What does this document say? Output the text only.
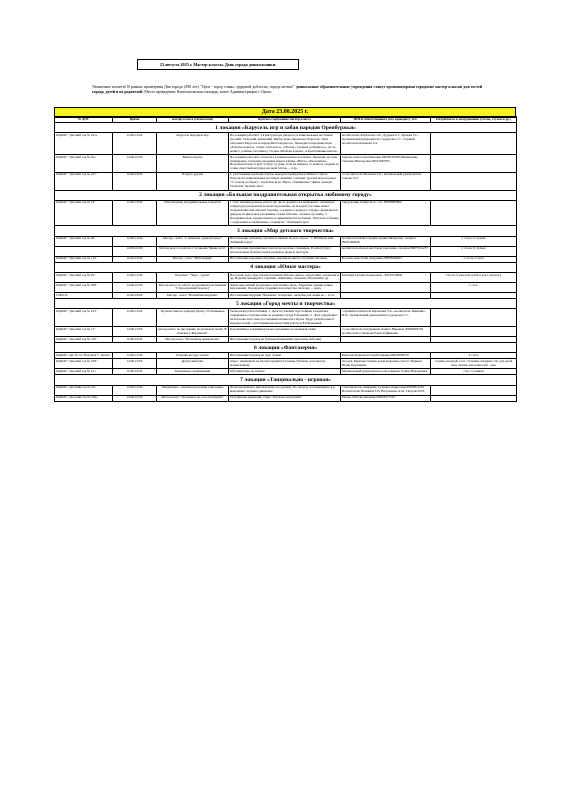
23 августа 2025 г. Мастер-классы. День города дошкольники.
Уважаемые коллеги! В рамках проведения Дня города (290 лет) "Орск - город славы, трудовой доблести, города мечты!" дошкольные образовательные учреждения станут организаторами городских мастер-классов для гостей города, детей и их родителей. Место проведения: Комсомольская площадь, возле Администрации г. Орска.
Дата 23.08.2025 г.
№ ДОУ	Время	мастер-класса (технология)	Краткое содержание мастер-класса	Ф.И.О ответственного (кто проводит), тел.	Потребность в оборудовании (столы, стулья и др.)
1 локация «Карусель игр и забав народов Оренбуржья»					
МДОАУ "Детский сад № 221»	12:00-14:00	Карусель народных игр	На локации работают 3-4 инструктора (педагога в национальных костюмах: русский, татарский, казахский). Выбор игры определяет Карусель. Дети запускают Карусель и определяют народность. Проводятся народные игры «Золотые ворота», «Гори, гори ясно!», «Платок с узелком («Орамал»)», «Есть кошк?» («Тимак тастамак»), Уголки «Шайтан алдым», «Перетягивание каната»	воспитатели: Кабдалова С.К., Дурдева Е.Г., Ершова Т.С., музыкальный руководитель Суддерова С.С., старший воспитатель Баранова Т.А.	
МДОАУ "Детский сад № 62»	14:00-16:00	Вышла игрить	На локации работают 3 педагога в национальных костюмах. Проводят русские, башкирские, татарские народные игры в забавы «Юрта», «Белолымак» Игрушки встанут в круг и будут за руки, если их меньше, то ровно и сходили за точны сверстной игрушке носовой платок ... и др.	Ершова Анастасия Павловна 89058136768 Нижниченко Светлана Викторовна 89501083795	
МДОАУ "Детский сад № 167"	16:00-18:00	В кругу друзей	С участниками проводятся игры народов Оренбуржья и Южного Урала. Педагоги в национальных костюмах знакомят с играми: русская игра-хоровод "У ча волк по берегу", казахская игра "Юрта", башкирская "Дикие лошади", татарская "Хромая лиса"	ст. воспитатель Васькова Е.Е., музыкальный руководитель Санова Л.Л.	
2 локация «Большая поздравительная открытка любимому городу»					
МДОАУ "Детский сад № 19"	12:00-18:00	Изготовление поздравительной открытки	1 этап: индивидуальная работа (по листе формата А4 выбранного объемным серцем (при раскрытии получается ромашка, на которой участник может поздравление или обводит ладошку, создавая в сердце) 2. Сердце оформляются декором из цветочков (снежинки, гальки бабочки, страниц, пуговиц). 3. Поздравительно-прорисованное и приклеивается на баннер. Получается баннер с сердечками и смайликами, с надписью "Любимый Орск"	заведующий Ганина В.А.; тел. 89058983864	
3 локация «Мир детского творчества»					
МДОАУ "Детский сад № 46"	12:00-14:00	Мастер - класс "С юбилеем, родной город!"	Изготовление магнитов, брелков и значков из дело отреза " С Юбилеем мой любимый город"	воспитатель Байгалчурина Дания Низаровна, телефон 89225499049	2 стола, 6 стульев
	14:00-16:00	Мастер класс по работе с бусинами "Яркие лето"	Изготовление праздничных браслетов, колечек, сувениров. В работе будут использованы бусины разных размеров, форм и текстуры.	воспитатель Белоусова Елена Сергеевна. телефон 89877014257	2 стола, 8 стульев
МДОАУ "Детский сад № 115"	16:00-18:00	Мастер - класс "Нитеграфия"	Изготовление народных игрушек, изделия из ниток, обучения плетение	Козлова Анастасия Андреевна 89083638823	2 стола 2 стула
4 локация «Юные мастера»					
МДОАУ "Детский сад № 92"	12:00-14:00	Поделки с "Чудо - чудом"	На основе чудо-чуда для изготовления бабочек, цветы, самолетики, человечки и др. Изделия декорируют стразами, пайетками, глазками, бабочками и др.	Бехтиева Татьяна Алексеевна - 89225540096	Стол и стулья для детей и для 1 педагога
МДОАУ "Детский сад № 208"	14:00-16:00	Мастер-класс по работе воздушным пластилином "Старооренский хоровод"	Лепка персонажей воздушного пластилина. Цель: Закрепить умения лепить персонажей. Поддержать традиции волонтерства свободно ... дома.		1 стол.
СОШ 52	16:00-18:00	Мастер - класс "Волшебная игрушка"	Изготовление игрушки "Бильбоке" и палочки - мелочки для лепки на ... и т.п.		
5 локация «Город мечты и творчества»					
МДОАУ "Детский сад № 223"	12:00-14:00	Путешествие по родному Орску с Робомышью	Технология робототехники. 1. Дети составляют простейшие алгоритмы, отправляясь в путешествие по родному городу Робомышь. 2. Дети определяют на карточке-лото свои достопримечательности г.Орска. Будут разработаны 8 игровых полей с достопримечательностями (Орска и 8 Робомышей.	старший воспитатель Карпанова Т.А., воспитатель Шмарина Н.П., музыкальный руководитель Суддерова С.С.	
МДОАУ "Детский сад № 71"	14:00-16:00	мастер-класс по рисованию на шелковой ткани "В поисках у-Бук цветов"	Коллективное и индивидуальное рисование на шелковой ткани	ст. воспитатель Голувенкова Лариса Юрьевна, 89068309794 воспитатель Степанова Елена Рафиковна	
МДОАУ "Детский сад № 169"	16:00-18:00	Мастер-класс "Волшебная прищепочка"	Изготовление поделок из бумажной прищепки (цветочки, бабочки)		
6 локация «Фантазерия»					
МДОАУ «ДС № 16 "Петушок" г. Орска"	12:00-14:00	Поделки из чудо чулков	Изготовление поделок из чудо чулков	Кенесова Карылган Сагыбалдиевна 89033698750	2 стола
МДОАУ "Детский сад № 108"	14:00-16:00	Дружеский бант	игры с дирижёром на муз инструментах (ложки, бубенцы, кастаньеты, колокольчики)	муз.рук. Баранова Ульяна Александровна,ст.восп. Маркова Юлия Георгиевна	стоишк складной стол, ступенки складные: бег для детей своя, значки для родителей - дом.
МДОАУ "Детский сад № 12 г	16:00-18:00	Командные соревнования	Обучение игре на ложках.	Музыкальный руководитель Севостьянова Галина Викторовна.	стол ,5 гашики
7 локация «Танцевально - игровая»					
МДОАУ «Детский сад № 47»	12:00-14:00	Танцевально - игровая программа «Овсоадка»	Дети передвигают цветной шнур под музыку. По сигналу останавливаются и выполняют заданное движение.	ст.воспитатель Анищенко Гульнара Идрисовна 89058312261 Воспитатели: Валявина Т.В.,Нагуманова А.М., Петрова Н.П.	
МДОАУ «Детский сад № 166»	14:00-16:00	Мастер класс "Петанецеч на соло платформе"	Разучивание движений, танца "Хорошее настроение"	Рябова Любовь Ивановна 89058177553	
